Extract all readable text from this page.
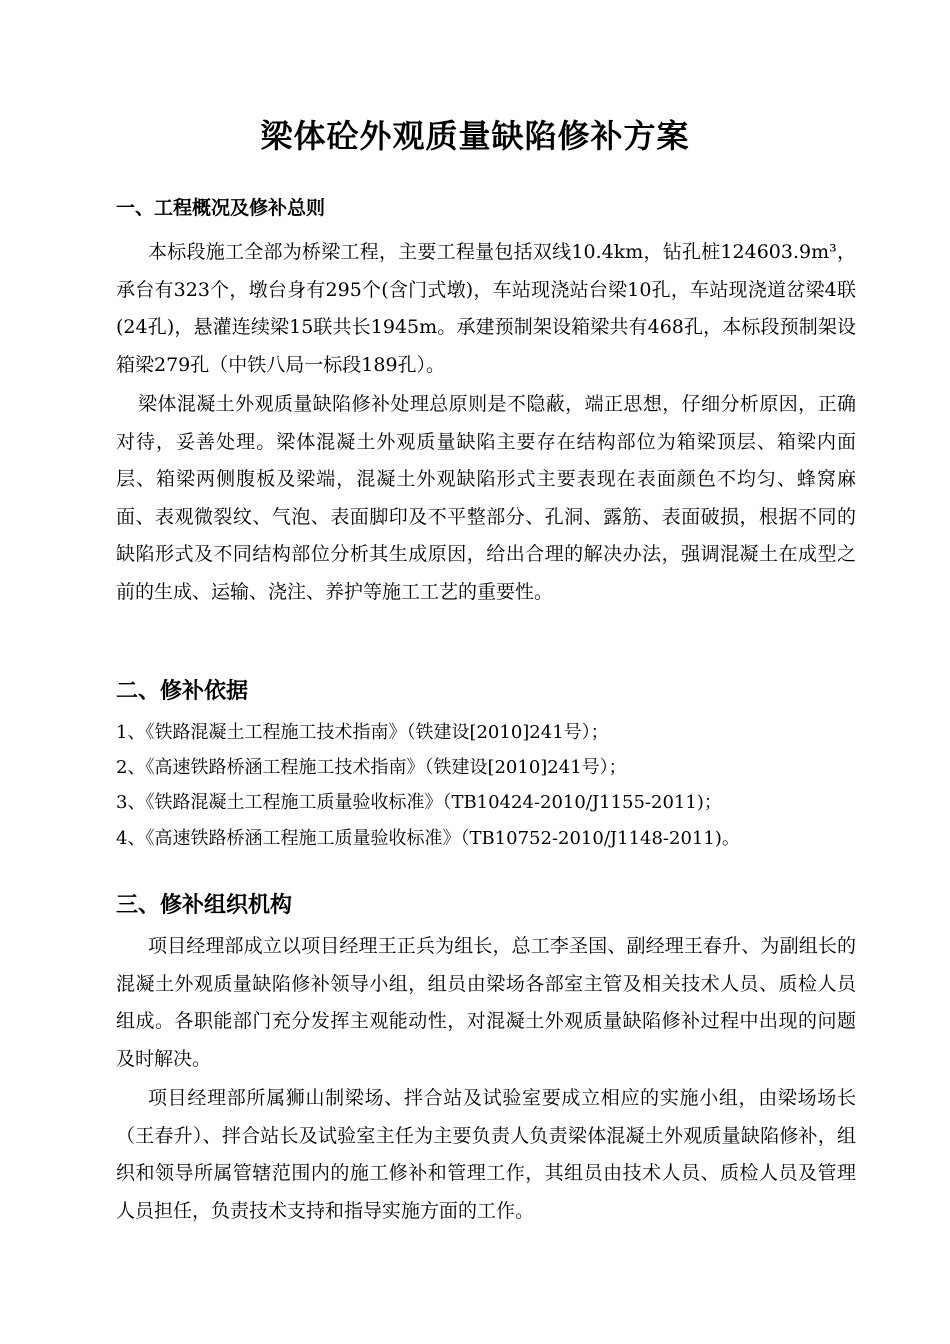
梁体砼外观质量缺陷修补方案
一、工程概况及修补总则
本标段施工全部为桥梁工程，主要工程量包括双线10.4km，钻孔桩124603.9m³，承台有323个，墩台身有295个(含门式墩)，车站现浇站台梁10孔，车站现浇道岔梁4联(24孔)，悬灌连续梁15联共长1945m。承建预制架设箱梁共有468孔，本标段预制架设箱梁279孔（中铁八局一标段189孔）。
梁体混凝土外观质量缺陷修补处理总原则是不隐蔽，端正思想，仔细分析原因，正确对待，妥善处理。梁体混凝土外观质量缺陷主要存在结构部位为箱梁顶层、箱梁内面层、箱梁两侧腹板及梁端，混凝土外观缺陷形式主要表现在表面颜色不均匀、蜂窝麻面、表观微裂纹、气泡、表面脚印及不平整部分、孔洞、露筋、表面破损，根据不同的缺陷形式及不同结构部位分析其生成原因，给出合理的解决办法，强调混凝土在成型之前的生成、运输、浇注、养护等施工工艺的重要性。
二、修补依据
1、《铁路混凝土工程施工技术指南》（铁建设[2010]241号）；
2、《高速铁路桥涵工程施工技术指南》（铁建设[2010]241号）；
3、《铁路混凝土工程施工质量验收标准》（TB10424-2010/J1155-2011)；
4、《高速铁路桥涵工程施工质量验收标准》（TB10752-2010/J1148-2011)。
三、修补组织机构
项目经理部成立以项目经理王正兵为组长，总工李圣国、副经理王春升、为副组长的混凝土外观质量缺陷修补领导小组，组员由梁场各部室主管及相关技术人员、质检人员组成。各职能部门充分发挥主观能动性，对混凝土外观质量缺陷修补过程中出现的问题及时解决。
项目经理部所属狮山制梁场、拌合站及试验室要成立相应的实施小组，由梁场场长（王春升）、拌合站长及试验室主任为主要负责人负责梁体混凝土外观质量缺陷修补，组织和领导所属管辖范围内的施工修补和管理工作，其组员由技术人员、质检人员及管理人员担任，负责技术支持和指导实施方面的工作。
